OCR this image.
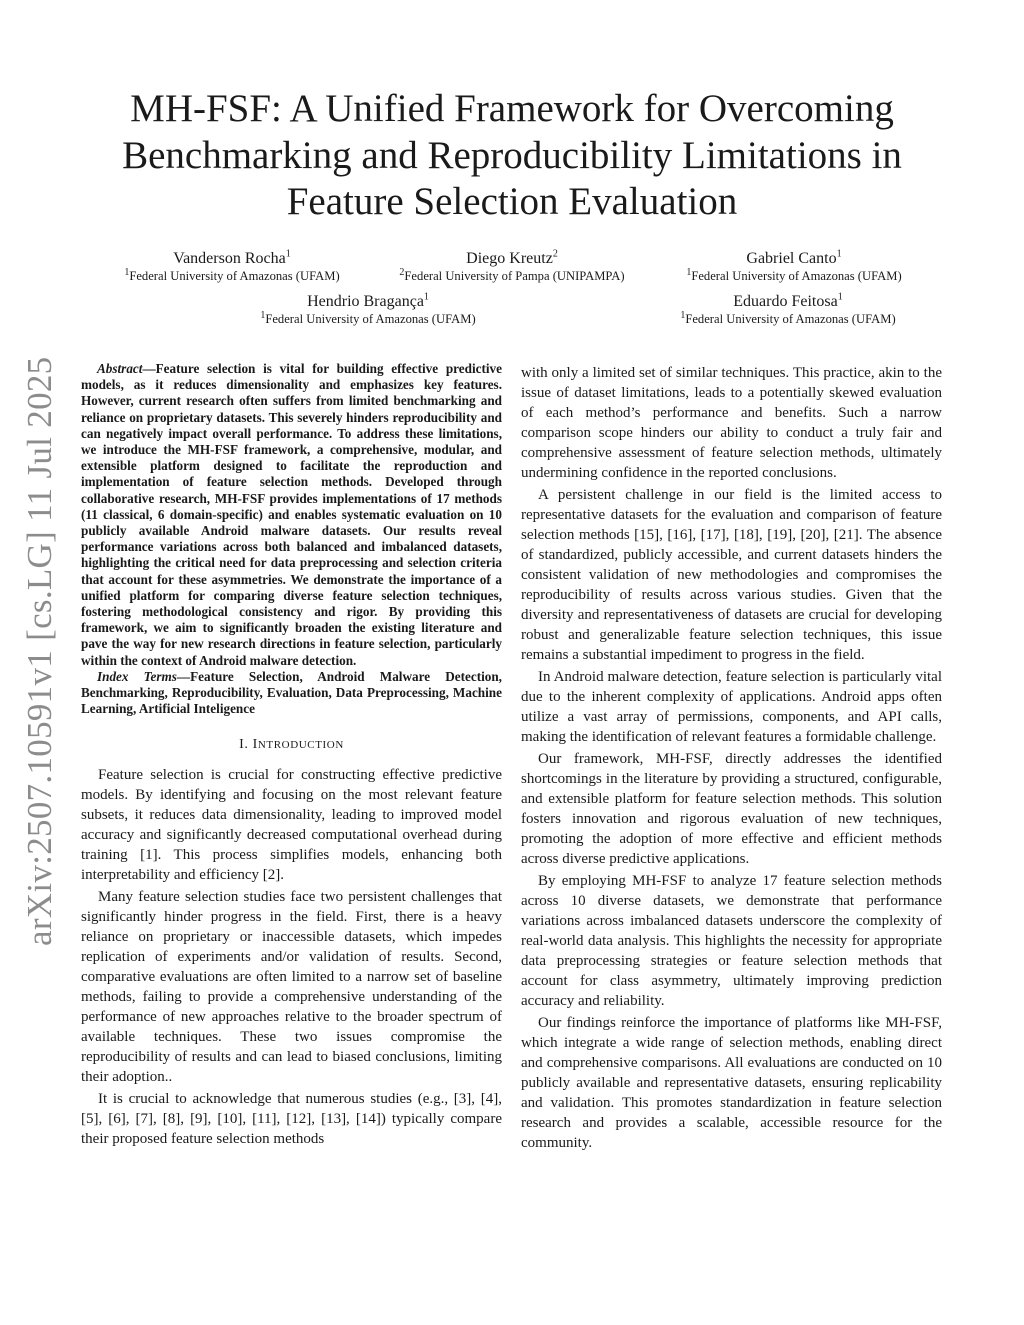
arXiv:2507.10591v1 [cs.LG] 11 Jul 2025
MH-FSF: A Unified Framework for Overcoming
Benchmarking and Reproducibility Limitations in
Feature Selection Evaluation
Vanderson Rocha$^1$
$^1$Federal University of Amazonas (UFAM)
Diego Kreutz$^2$
$^2$Federal University of Pampa (UNIPAMPA)
Gabriel Canto$^1$
$^1$Federal University of Amazonas (UFAM)
Hendrio Bragança$^1$
$^1$Federal University of Amazonas (UFAM)
Eduardo Feitosa$^1$
$^1$Federal University of Amazonas (UFAM)

Abstract—Feature selection is vital for building effective predictive models, as it reduces dimensionality and emphasizes key features. However, current research often suffers from limited benchmarking and reliance on proprietary datasets. This severely hinders reproducibility and can negatively impact overall performance. To address these limitations, we introduce the MH-FSF framework, a comprehensive, modular, and extensible platform designed to facilitate the reproduction and implementation of feature selection methods. Developed through collaborative research, MH-FSF provides implementations of 17 methods (11 classical, 6 domain-specific) and enables systematic evaluation on 10 publicly available Android malware datasets. Our results reveal performance variations across both balanced and imbalanced datasets, highlighting the critical need for data preprocessing and selection criteria that account for these asymmetries. We demonstrate the importance of a unified platform for comparing diverse feature selection techniques, fostering methodological consistency and rigor. By providing this framework, we aim to significantly broaden the existing literature and pave the way for new research directions in feature selection, particularly within the context of Android malware detection.

Index Terms—Feature Selection, Android Malware Detection, Benchmarking, Reproducibility, Evaluation, Data Preprocessing, Machine Learning, Artificial Inteligence

I. INTRODUCTION

Feature selection is crucial for constructing effective predictive models. By identifying and focusing on the most relevant feature subsets, it reduces data dimensionality, leading to improved model accuracy and significantly decreased computational overhead during training [1]. This process simplifies models, enhancing both interpretability and efficiency [2].

Many feature selection studies face two persistent challenges that significantly hinder progress in the field. First, there is a heavy reliance on proprietary or inaccessible datasets, which impedes replication of experiments and/or validation of results. Second, comparative evaluations are often limited to a narrow set of baseline methods, failing to provide a comprehensive understanding of the performance of new approaches relative to the broader spectrum of available techniques. These two issues compromise the reproducibility of results and can lead to biased conclusions, limiting their adoption..

It is crucial to acknowledge that numerous studies (e.g., [3], [4], [5], [6], [7], [8], [9], [10], [11], [12], [13], [14]) typically compare their proposed feature selection methods

with only a limited set of similar techniques. This practice, akin to the issue of dataset limitations, leads to a potentially skewed evaluation of each method’s performance and benefits. Such a narrow comparison scope hinders our ability to conduct a truly fair and comprehensive assessment of feature selection methods, ultimately undermining confidence in the reported conclusions.

A persistent challenge in our field is the limited access to representative datasets for the evaluation and comparison of feature selection methods [15], [16], [17], [18], [19], [20], [21]. The absence of standardized, publicly accessible, and current datasets hinders the consistent validation of new methodologies and compromises the reproducibility of results across various studies. Given that the diversity and representativeness of datasets are crucial for developing robust and generalizable feature selection techniques, this issue remains a substantial impediment to progress in the field.

In Android malware detection, feature selection is particularly vital due to the inherent complexity of applications. Android apps often utilize a vast array of permissions, components, and API calls, making the identification of relevant features a formidable challenge.

Our framework, MH-FSF, directly addresses the identified shortcomings in the literature by providing a structured, configurable, and extensible platform for feature selection methods. This solution fosters innovation and rigorous evaluation of new techniques, promoting the adoption of more effective and efficient methods across diverse predictive applications.

By employing MH-FSF to analyze 17 feature selection methods across 10 diverse datasets, we demonstrate that performance variations across imbalanced datasets underscore the complexity of real-world data analysis. This highlights the necessity for appropriate data preprocessing strategies or feature selection methods that account for class asymmetry, ultimately improving prediction accuracy and reliability.

Our findings reinforce the importance of platforms like MH-FSF, which integrate a wide range of selection methods, enabling direct and comprehensive comparisons. All evaluations are conducted on 10 publicly available and representative datasets, ensuring replicability and validation. This promotes standardization in feature selection research and provides a scalable, accessible resource for the community.
